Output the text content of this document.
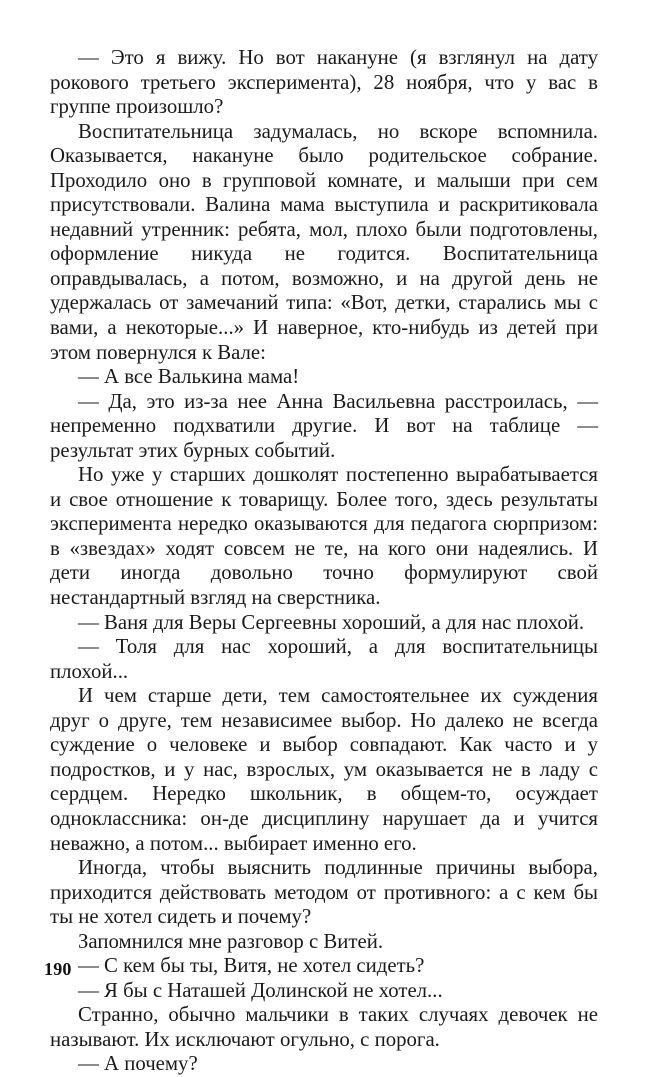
— Это я вижу. Но вот накануне (я взглянул на дату рокового третьего эксперимента), 28 ноября, что у вас в группе произошло?

Воспитательница задумалась, но вскоре вспомнила. Оказывается, накануне было родительское собрание. Проходило оно в групповой комнате, и малыши при сем присутствовали. Валина мама выступила и раскритиковала недавний утренник: ребята, мол, плохо были подготовлены, оформление никуда не годится. Воспитательница оправдывалась, а потом, возможно, и на другой день не удержалась от замечаний типа: «Вот, детки, старались мы с вами, а некоторые...» И наверное, кто-нибудь из детей при этом повернулся к Вале:

— А все Валькина мама!

— Да, это из-за нее Анна Васильевна расстроилась, — непременно подхватили другие. И вот на таблице — результат этих бурных событий.

Но уже у старших дошколят постепенно вырабатывается и свое отношение к товарищу. Более того, здесь результаты эксперимента нередко оказываются для педагога сюрпризом: в «звездах» ходят совсем не те, на кого они надеялись. И дети иногда довольно точно формулируют свой нестандартный взгляд на сверстника.

— Ваня для Веры Сергеевны хороший, а для нас плохой.

— Толя для нас хороший, а для воспитательницы плохой...

И чем старше дети, тем самостоятельнее их суждения друг о друге, тем независимее выбор. Но далеко не всегда суждение о человеке и выбор совпадают. Как часто и у подростков, и у нас, взрослых, ум оказывается не в ладу с сердцем. Нередко школьник, в общем-то, осуждает одноклассника: он-де дисциплину нарушает да и учится неважно, а потом... выбирает именно его.

Иногда, чтобы выяснить подлинные причины выбора, приходится действовать методом от противного: а с кем бы ты не хотел сидеть и почему?

Запомнился мне разговор с Витей.

— С кем бы ты, Витя, не хотел сидеть?

— Я бы с Наташей Долинской не хотел...

Странно, обычно мальчики в таких случаях девочек не называют. Их исключают огульно, с порога.

— А почему?

190
